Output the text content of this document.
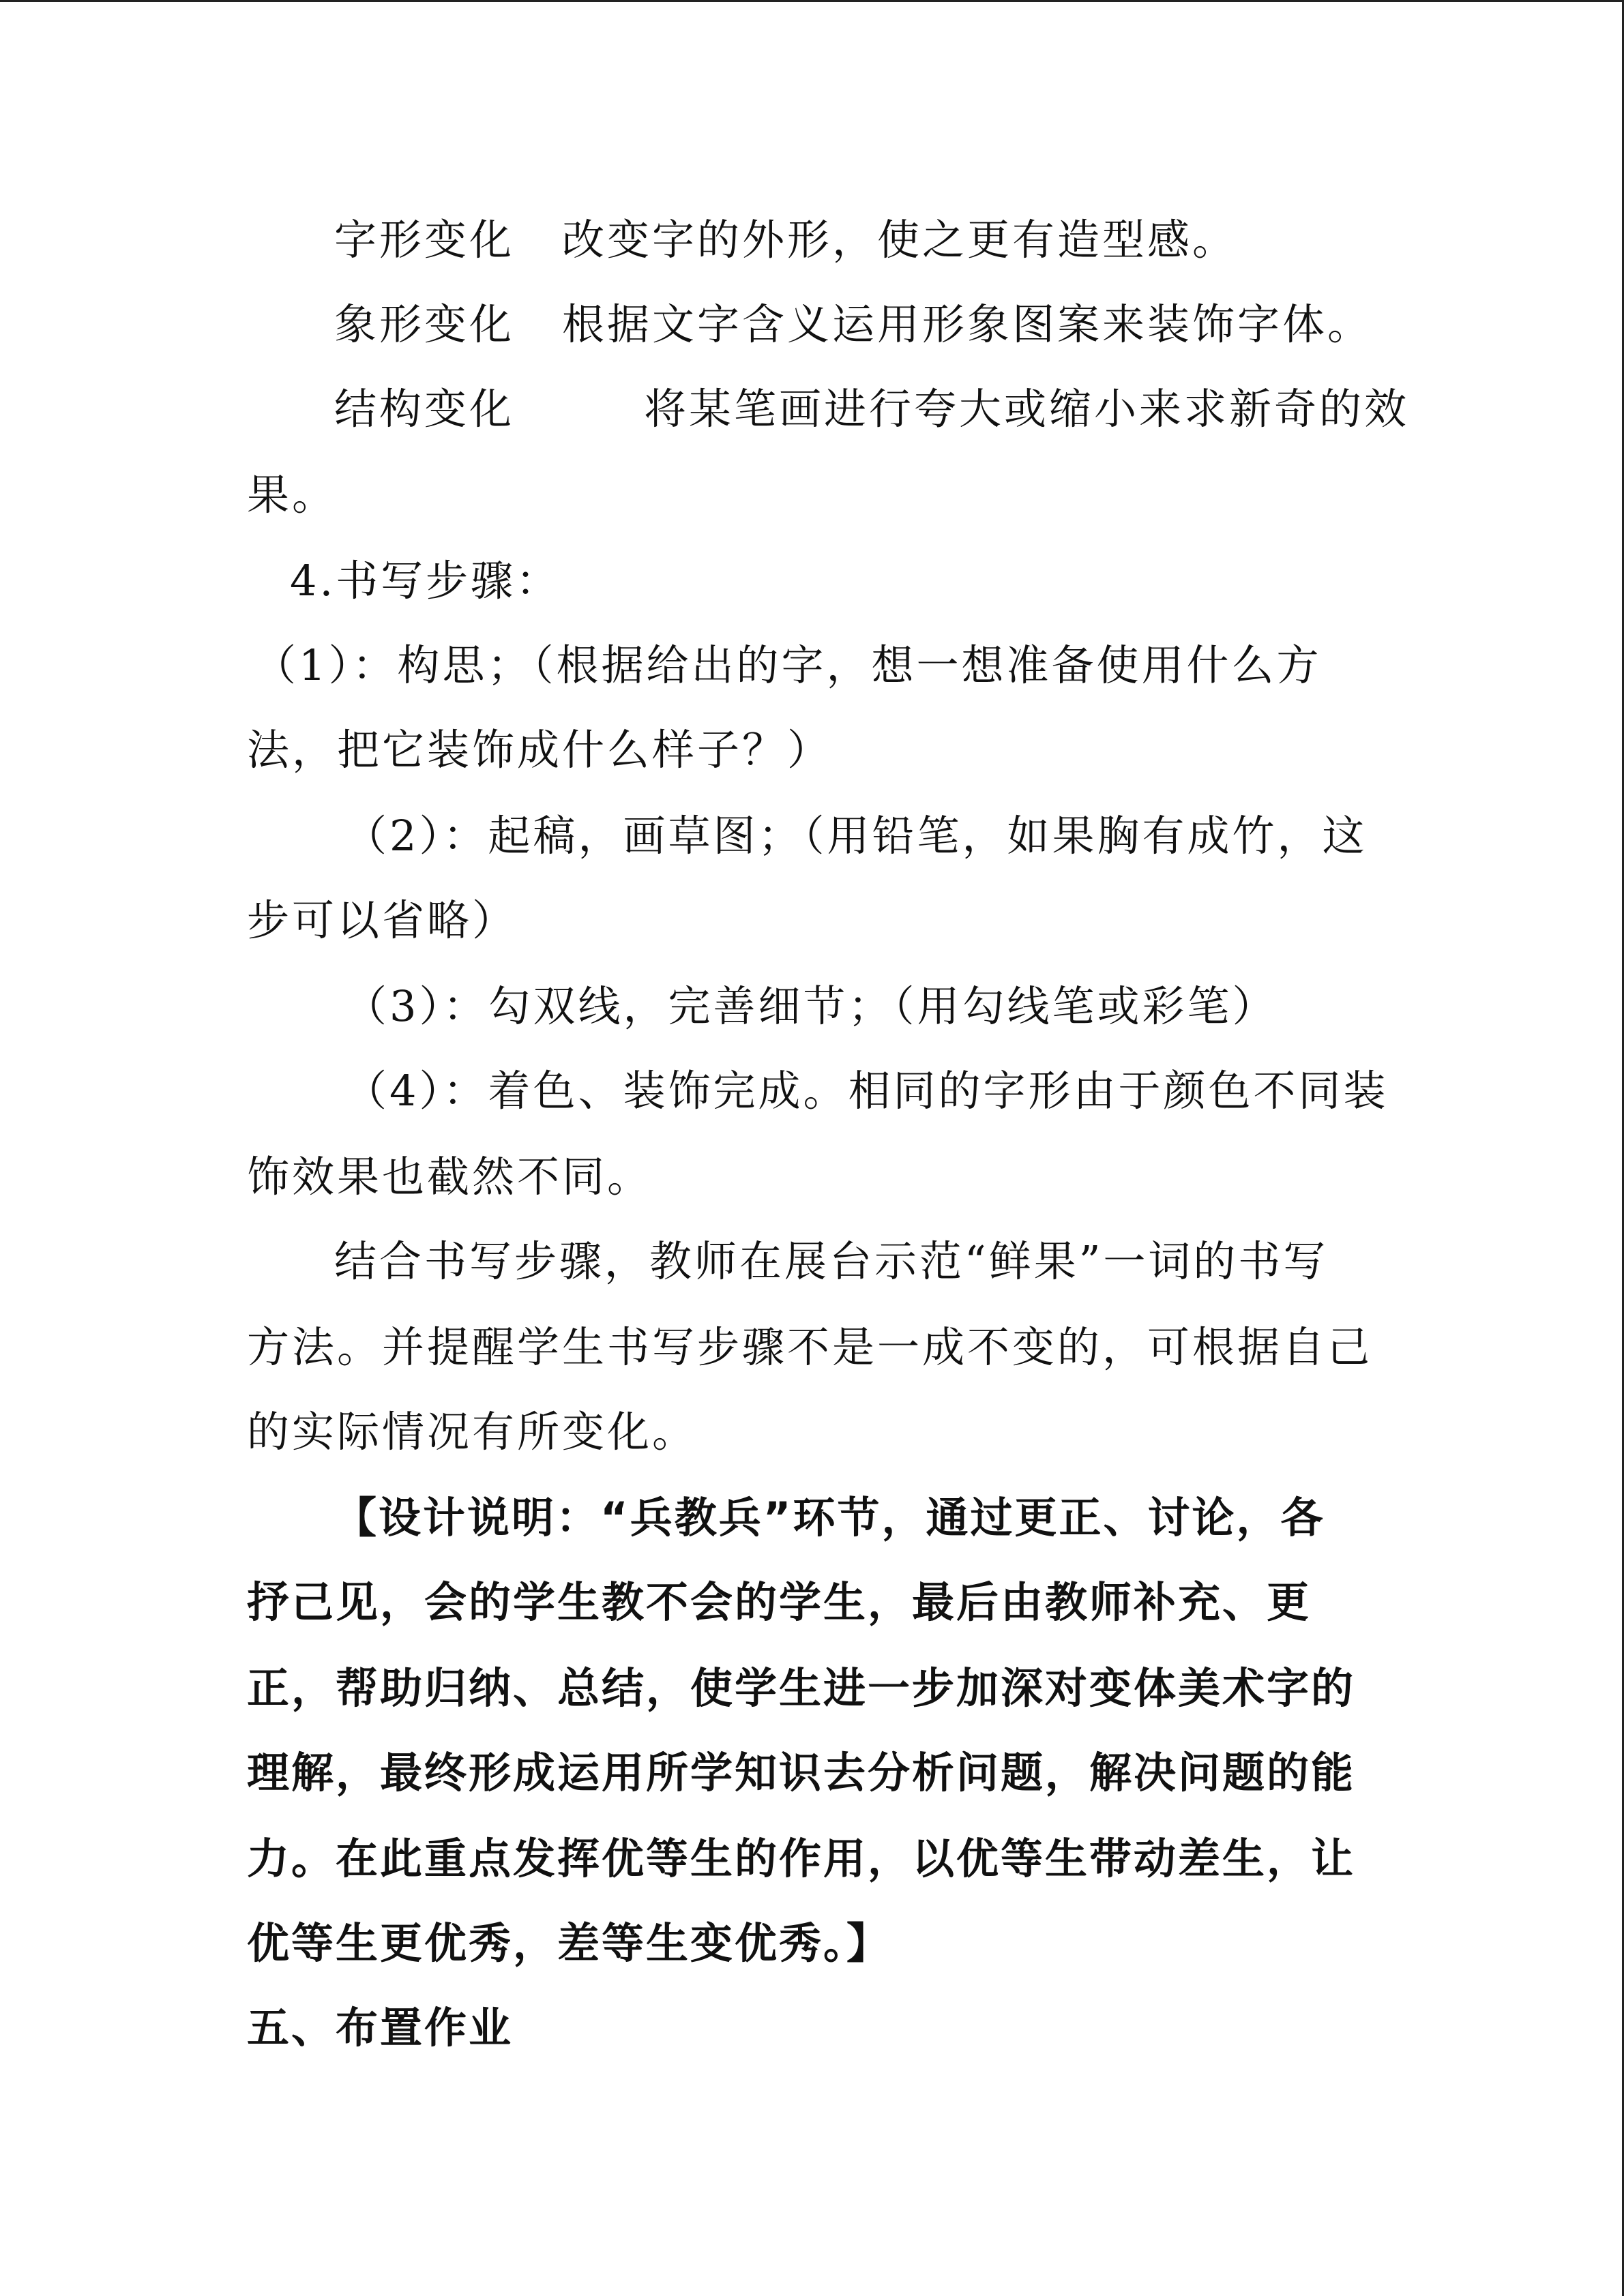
字形变化 改变字的外形，使之更有造型感。
象形变化 根据文字含义运用形象图案来装饰字体。
结构变化	将某笔画进行夸大或缩小来求新奇的效
果。
4.书写步骤：
（1）：构思；（根据给出的字，想一想准备使用什么方
法，把它装饰成什么样子？）
（2）：起稿，画草图；（用铅笔，如果胸有成竹，这
步可以省略）
（3）：勾双线，完善细节；（用勾线笔或彩笔）
（4）：着色、装饰完成。相同的字形由于颜色不同装
饰效果也截然不同。
结合书写步骤，教师在展台示范“鲜果”一词的书写
方法。并提醒学生书写步骤不是一成不变的，可根据自己
的实际情况有所变化。
【设计说明：“兵教兵”环节，通过更正、讨论，各
抒己见，会的学生教不会的学生，最后由教师补充、更
正，帮助归纳、总结，使学生进一步加深对变体美术字的
理解，最终形成运用所学知识去分析问题，解决问题的能
力。在此重点发挥优等生的作用，以优等生带动差生，让
优等生更优秀，差等生变优秀。】
五、布置作业
